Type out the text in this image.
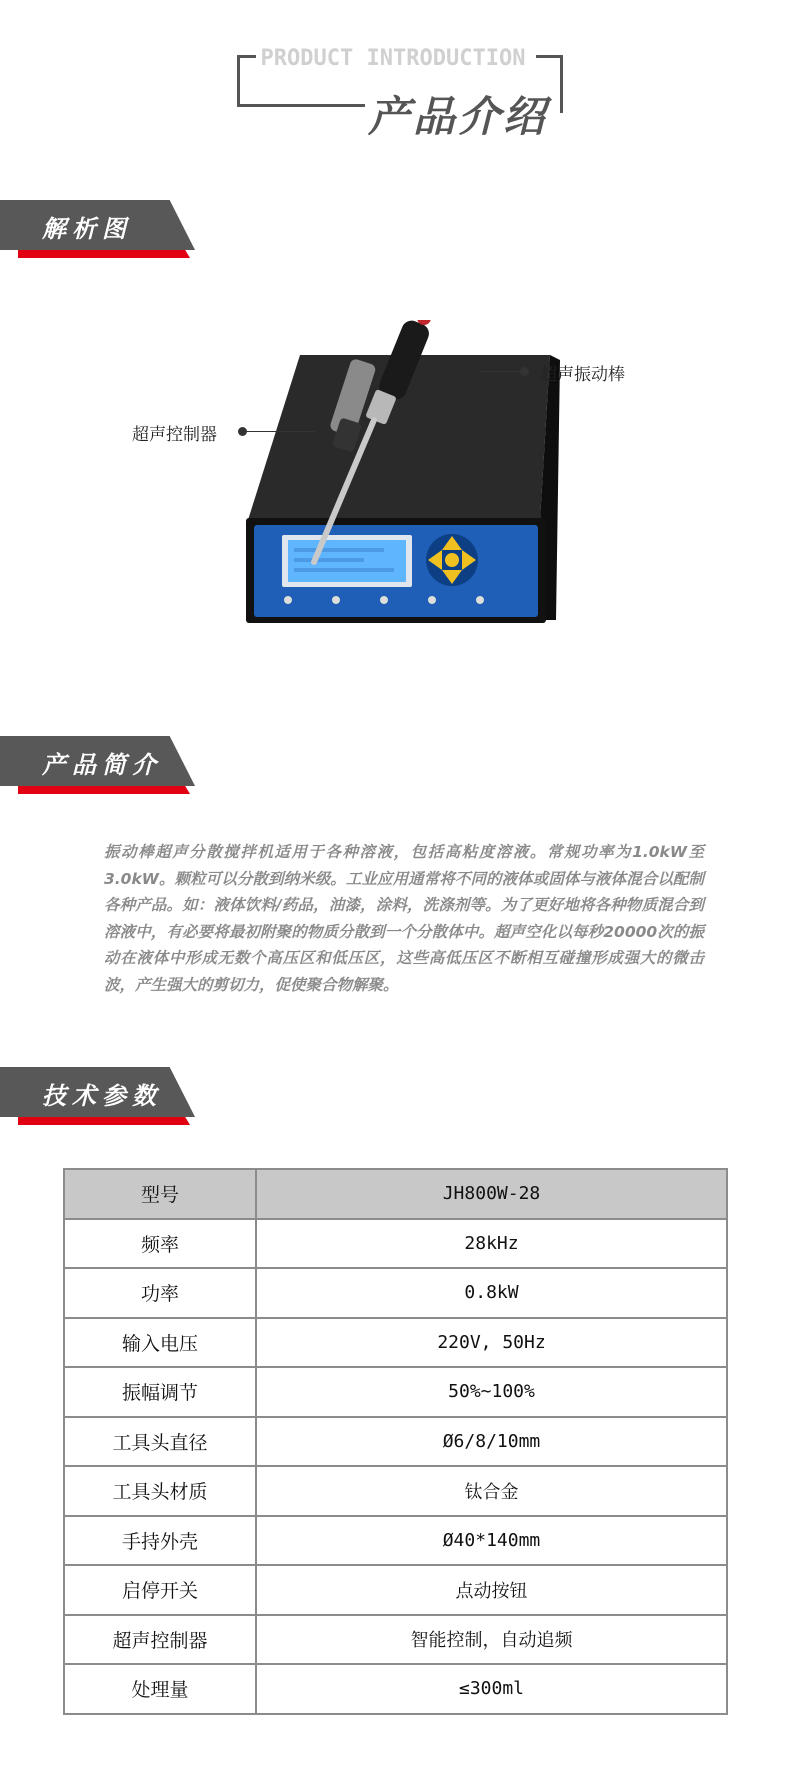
PRODUCT INTRODUCTION
产品介绍
解析图
超声振动棒
超声控制器
产品简介

振动棒超声分散搅拌机适用于各种溶液，包括高粘度溶液。常规功率为1.0kW至3.0kW。颗粒可以分散到纳米级。工业应用通常将不同的液体或固体与液体混合以配制各种产品。如：液体饮料/药品，油漆，涂料，洗涤剂等。为了更好地将各种物质混合到溶液中，有必要将最初附聚的物质分散到一个分散体中。超声空化以每秒20000次的振动在液体中形成无数个高压区和低压区，这些高低压区不断相互碰撞形成强大的微击波，产生强大的剪切力，促使聚合物解聚。

技术参数
型号	JH800W-28
频率	28kHz
功率	0.8kW
输入电压	220V, 50Hz
振幅调节	50%~100%
工具头直径	Ø6/8/10mm
工具头材质	钛合金
手持外壳	Ø40*140mm
启停开关	点动按钮
超声控制器	智能控制，自动追频
处理量	≤300ml
